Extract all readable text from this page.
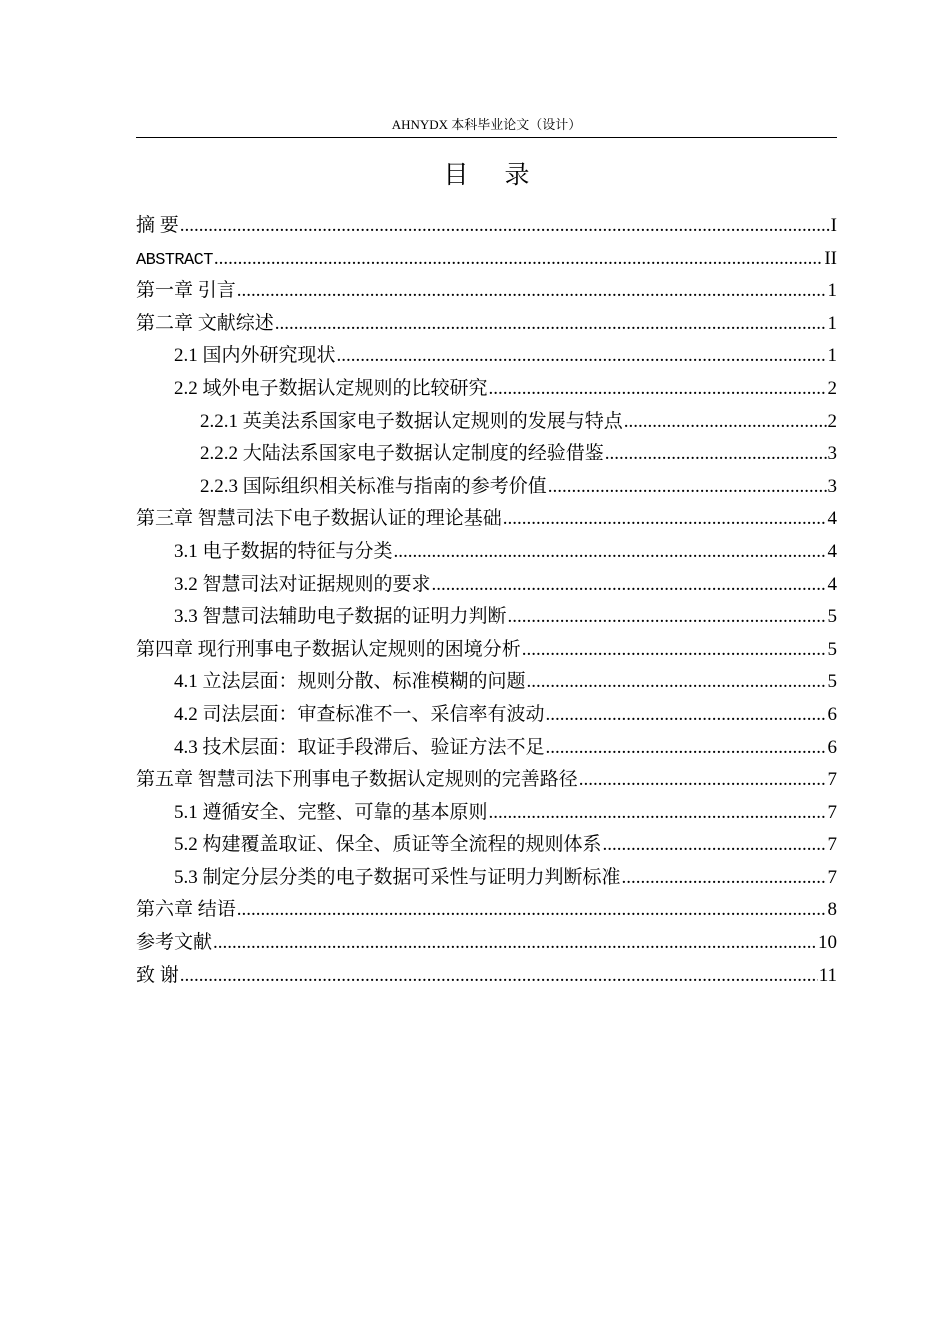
AHNYDX 本科毕业论文（设计）
目 录
摘 要 .....	I
ABSTRACT .....	II
第一章 引言 .....	1
第二章 文献综述 .....	1
2.1 国内外研究现状 .....	1
2.2 域外电子数据认定规则的比较研究 .....	2
2.2.1 英美法系国家电子数据认定规则的发展与特点 .....	2
2.2.2 大陆法系国家电子数据认定制度的经验借鉴 .....	3
2.2.3 国际组织相关标准与指南的参考价值 .....	3
第三章 智慧司法下电子数据认证的理论基础 .....	4
3.1 电子数据的特征与分类 .....	4
3.2 智慧司法对证据规则的要求 .....	4
3.3 智慧司法辅助电子数据的证明力判断 .....	5
第四章 现行刑事电子数据认定规则的困境分析 .....	5
4.1 立法层面：规则分散、标准模糊的问题 .....	5
4.2 司法层面：审查标准不一、采信率有波动 .....	6
4.3 技术层面：取证手段滞后、验证方法不足 .....	6
第五章 智慧司法下刑事电子数据认定规则的完善路径 .....	7
5.1 遵循安全、完整、可靠的基本原则 .....	7
5.2 构建覆盖取证、保全、质证等全流程的规则体系 .....	7
5.3 制定分层分类的电子数据可采性与证明力判断标准 .....	7
第六章 结语 .....	8
参考文献 .....	10
致 谢 .....	11
